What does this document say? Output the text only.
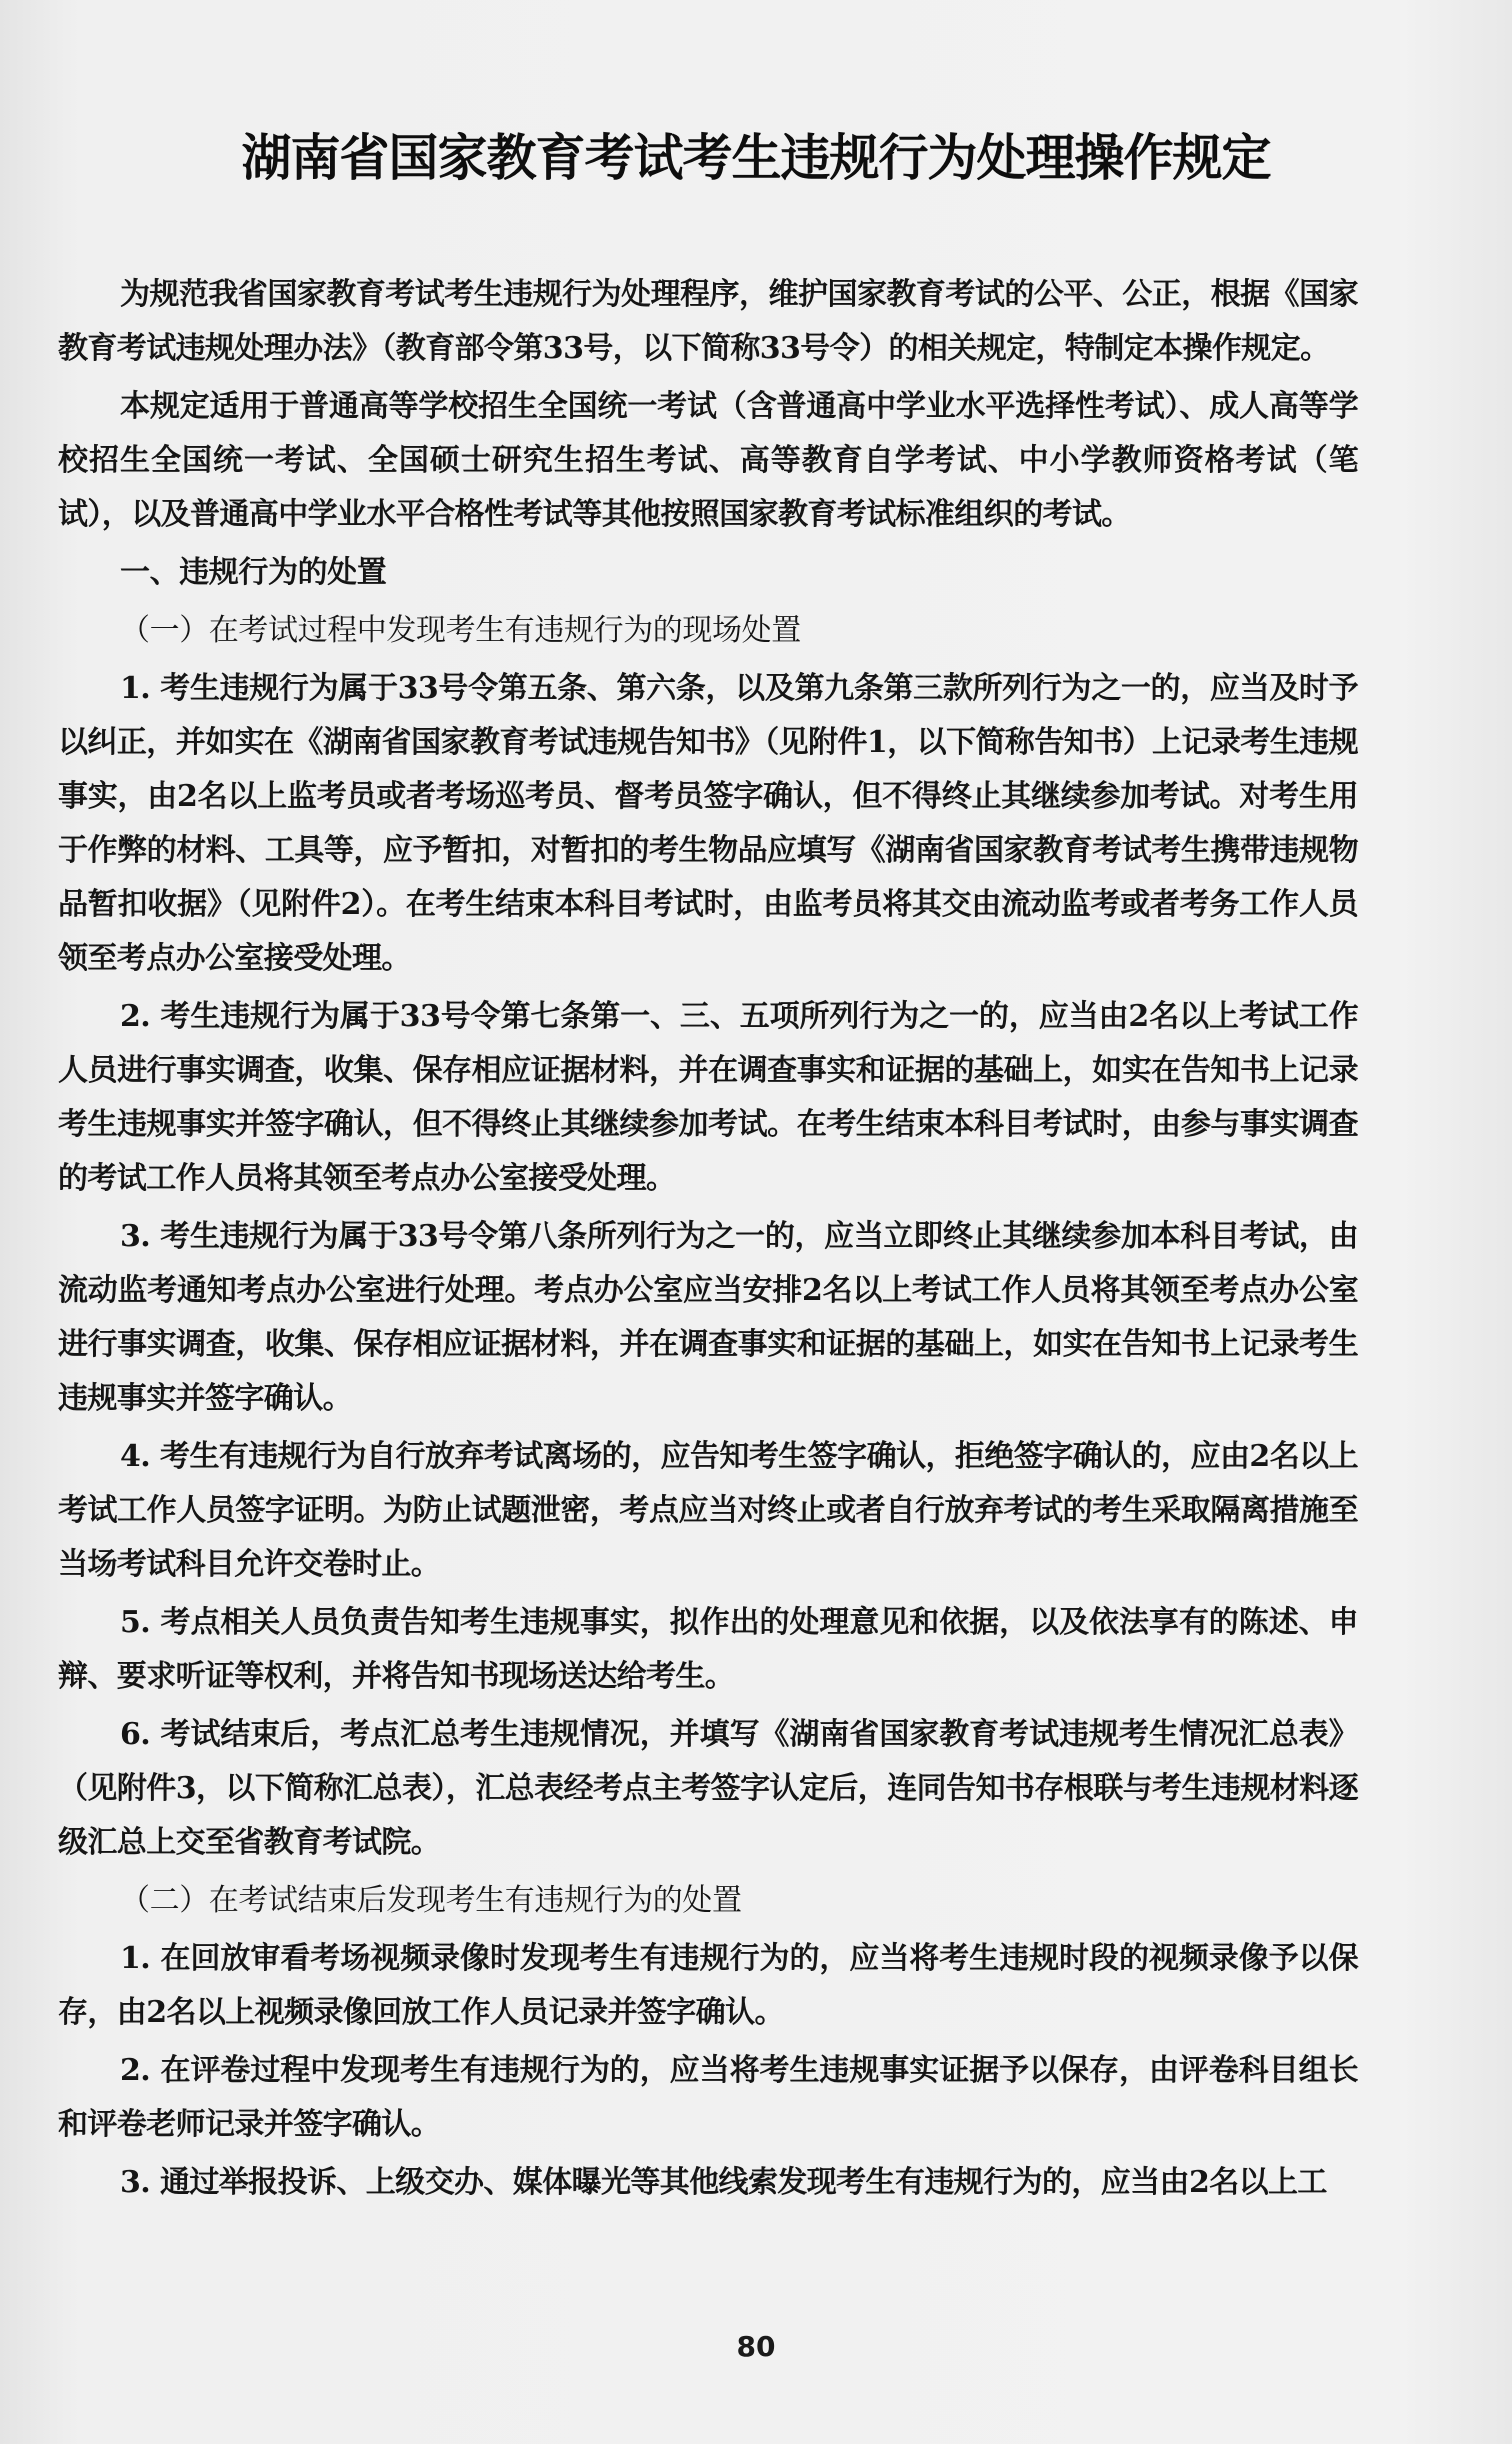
湖南省国家教育考试考生违规行为处理操作规定

为规范我省国家教育考试考生违规行为处理程序，维护国家教育考试的公平、公正，根据《国家教育考试违规处理办法》（教育部令第33号，以下简称33号令）的相关规定，特制定本操作规定。

本规定适用于普通高等学校招生全国统一考试（含普通高中学业水平选择性考试）、成人高等学校招生全国统一考试、全国硕士研究生招生考试、高等教育自学考试、中小学教师资格考试（笔试），以及普通高中学业水平合格性考试等其他按照国家教育考试标准组织的考试。

一、违规行为的处置

（一）在考试过程中发现考生有违规行为的现场处置

1. 考生违规行为属于33号令第五条、第六条，以及第九条第三款所列行为之一的，应当及时予以纠正，并如实在《湖南省国家教育考试违规告知书》（见附件1，以下简称告知书）上记录考生违规事实，由2名以上监考员或者考场巡考员、督考员签字确认，但不得终止其继续参加考试。对考生用于作弊的材料、工具等，应予暂扣，对暂扣的考生物品应填写《湖南省国家教育考试考生携带违规物品暂扣收据》（见附件2）。在考生结束本科目考试时，由监考员将其交由流动监考或者考务工作人员领至考点办公室接受处理。

2. 考生违规行为属于33号令第七条第一、三、五项所列行为之一的，应当由2名以上考试工作人员进行事实调查，收集、保存相应证据材料，并在调查事实和证据的基础上，如实在告知书上记录考生违规事实并签字确认，但不得终止其继续参加考试。在考生结束本科目考试时，由参与事实调查的考试工作人员将其领至考点办公室接受处理。

3. 考生违规行为属于33号令第八条所列行为之一的，应当立即终止其继续参加本科目考试，由流动监考通知考点办公室进行处理。考点办公室应当安排2名以上考试工作人员将其领至考点办公室进行事实调查，收集、保存相应证据材料，并在调查事实和证据的基础上，如实在告知书上记录考生违规事实并签字确认。

4. 考生有违规行为自行放弃考试离场的，应告知考生签字确认，拒绝签字确认的，应由2名以上考试工作人员签字证明。为防止试题泄密，考点应当对终止或者自行放弃考试的考生采取隔离措施至当场考试科目允许交卷时止。

5. 考点相关人员负责告知考生违规事实，拟作出的处理意见和依据，以及依法享有的陈述、申辩、要求听证等权利，并将告知书现场送达给考生。

6. 考试结束后，考点汇总考生违规情况，并填写《湖南省国家教育考试违规考生情况汇总表》（见附件3，以下简称汇总表），汇总表经考点主考签字认定后，连同告知书存根联与考生违规材料逐级汇总上交至省教育考试院。

（二）在考试结束后发现考生有违规行为的处置

1. 在回放审看考场视频录像时发现考生有违规行为的，应当将考生违规时段的视频录像予以保存，由2名以上视频录像回放工作人员记录并签字确认。

2. 在评卷过程中发现考生有违规行为的，应当将考生违规事实证据予以保存，由评卷科目组长和评卷老师记录并签字确认。

3. 通过举报投诉、上级交办、媒体曝光等其他线索发现考生有违规行为的，应当由2名以上工

80
